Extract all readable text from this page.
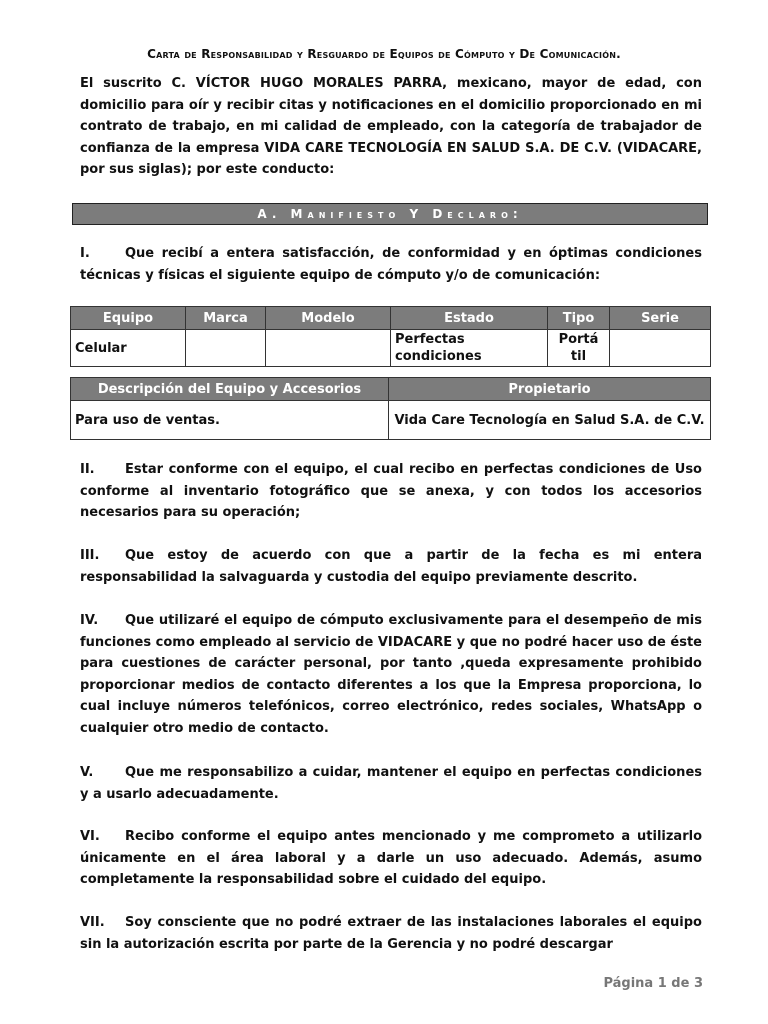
Carta de Responsabilidad y Resguardo de Equipos de Cómputo y De Comunicación.

El suscrito C. VÍCTOR HUGO MORALES PARRA, mexicano, mayor de edad, con domicilio para oír y recibir citas y notificaciones en el domicilio proporcionado en mi contrato de trabajo, en mi calidad de empleado, con la categoría de trabajador de confianza de la empresa VIDA CARE TECNOLOGÍA EN SALUD S.A. DE C.V. (VIDACARE, por sus siglas); por este conducto:

A. Manifiesto Y Declaro:

I.	Que recibí a entera satisfacción, de conformidad y en óptimas condiciones técnicas y físicas el siguiente equipo de cómputo y/o de comunicación:

Equipo	Marca	Modelo	Estado	Tipo	Serie
Celular			Perfectas condiciones	Portá til	
Descripción del Equipo y Accesorios	Propietario
Para uso de ventas.	Vida Care Tecnología en Salud S.A. de C.V.

II. Estar conforme con el equipo, el cual recibo en perfectas condiciones de Uso conforme al inventario fotográfico que se anexa, y con todos los accesorios necesarios para su operación;

III. Que estoy de acuerdo con que a partir de la fecha es mi entera responsabilidad la salvaguarda y custodia del equipo previamente descrito.

IV. Que utilizaré el equipo de cómputo exclusivamente para el desempeño de mis funciones como empleado al servicio de VIDACARE y que no podré hacer uso de éste para cuestiones de carácter personal, por tanto ,queda expresamente prohibido proporcionar medios de contacto diferentes a los que la Empresa proporciona, lo cual incluye números telefónicos, correo electrónico, redes sociales, WhatsApp o cualquier otro medio de contacto.

V. Que me responsabilizo a cuidar, mantener el equipo en perfectas condiciones y a usarlo adecuadamente.

VI. Recibo conforme el equipo antes mencionado y me comprometo a utilizarlo únicamente en el área laboral y a darle un uso adecuado. Además, asumo completamente la responsabilidad sobre el cuidado del equipo.

VII. Soy consciente que no podré extraer de las instalaciones laborales el equipo sin la autorización escrita por parte de la Gerencia y no podré descargar

Página 1 de 3
